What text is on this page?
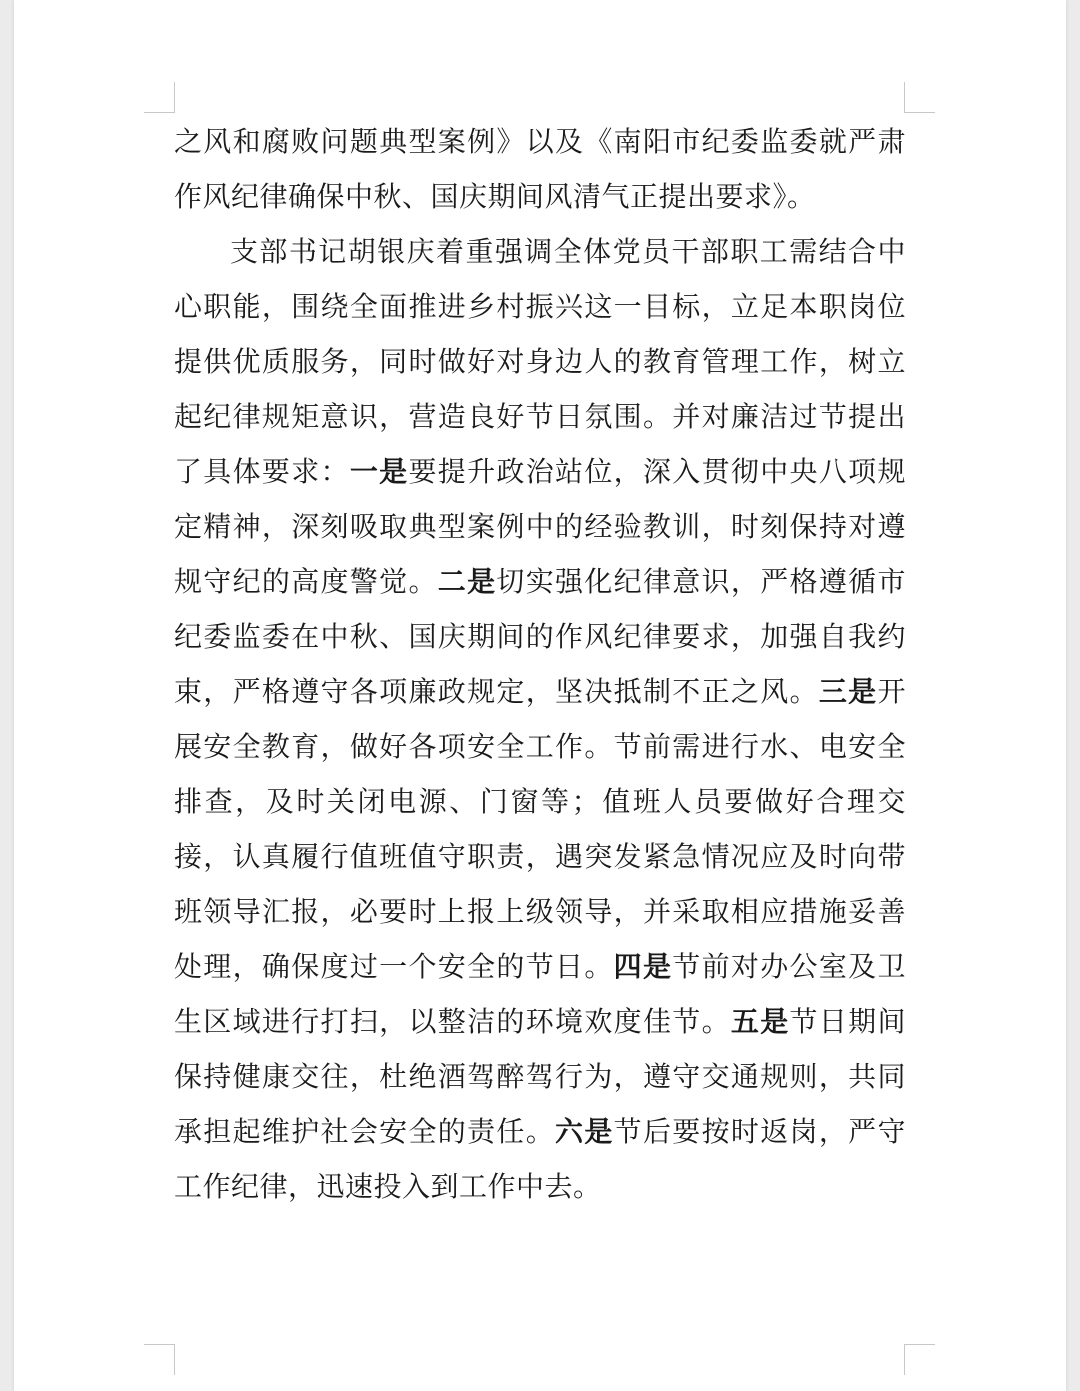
之风和腐败问题典型案例》以及《南阳市纪委监委就严肃作风纪律确保中秋、国庆期间风清气正提出要求》。

支部书记胡银庆着重强调全体党员干部职工需结合中心职能，围绕全面推进乡村振兴这一目标，立足本职岗位提供优质服务，同时做好对身边人的教育管理工作，树立起纪律规矩意识，营造良好节日氛围。并对廉洁过节提出了具体要求：一是要提升政治站位，深入贯彻中央八项规定精神，深刻吸取典型案例中的经验教训，时刻保持对遵规守纪的高度警觉。二是切实强化纪律意识，严格遵循市纪委监委在中秋、国庆期间的作风纪律要求，加强自我约束，严格遵守各项廉政规定，坚决抵制不正之风。三是开展安全教育，做好各项安全工作。节前需进行水、电安全排查，及时关闭电源、门窗等；值班人员要做好合理交接，认真履行值班值守职责，遇突发紧急情况应及时向带班领导汇报，必要时上报上级领导，并采取相应措施妥善处理，确保度过一个安全的节日。四是节前对办公室及卫生区域进行打扫，以整洁的环境欢度佳节。五是节日期间保持健康交往，杜绝酒驾醉驾行为，遵守交通规则，共同承担起维护社会安全的责任。六是节后要按时返岗，严守工作纪律，迅速投入到工作中去。
